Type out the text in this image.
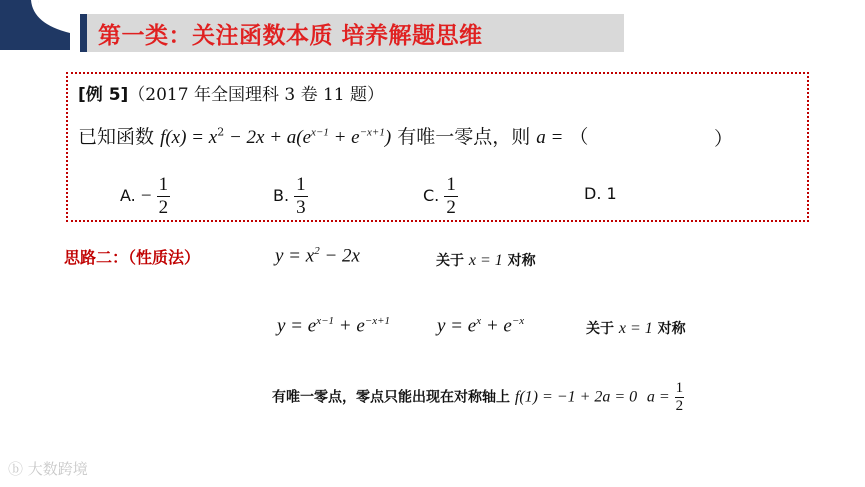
第一类：关注函数本质 培养解题思维
[例 5]（2017 年全国理科 3 卷 11 题）
已知函数 $f(x) = x^2 - 2x + a(e^{x-1} + e^{-x+1})$ 有唯一零点，则 a = （	）
A. − $\frac{1}{2}$	B. $\frac{1}{3}$	C. $\frac{1}{2}$	D. 1
思路二：（性质法）	$y = x^2 - 2x$	关于 x = 1 对称
$y = e^{x-1} + e^{-x+1}$ $y = e^x + e^{-x}$	关于 x = 1 对称
有唯一零点，零点只能出现在对称轴上 f(1) = −1 + 2a = 0 $a = \frac{1}{2}$
ⓑ 大数跨境
